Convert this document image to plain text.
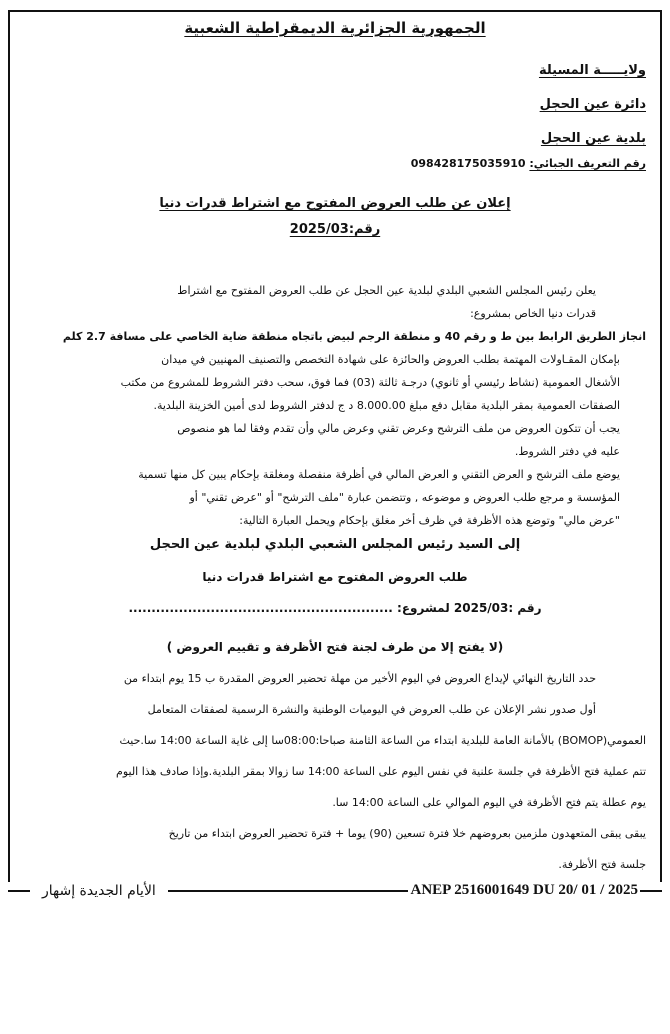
الجمهورية الجزائرية الديمقراطية الشعبية
ولايـــــة المسيلة
دائرة عين الحجل
بلدية عين الحجل
رقم التعريف الجبائي: 098428175035910
إعلان عن طلب العروض المفتوح مع اشتراط قدرات دنيا
رقم:2025/03
يعلن رئيس المجلس الشعبي البلدي لبلدية عين الحجل عن طلب العروض المفتوح مع اشتراط
قدرات دنيا الخاص بمشروع:
انجاز الطريق الرابط بين ط و رقم 40 و منطقة الرجم لبيض باتجاه منطقة ضاية الخاصي على مسافة 2.7 كلم
بإمكان المقـاولات المهتمة بطلب العروض والحائزة على شهادة التخصص والتصنيف المهنيين في ميدان
الأشغال العمومية (نشاط رئيسي أو ثانوي) درجـة ثالثة (03) فما فوق، سحب دفتر الشروط للمشروع من مكتب
الصفقات العمومية بمقر البلدية مقابل دفع مبلغ 8.000.00 د ج لدفتر الشروط لدى أمين الخزينة البلدية.
يجب أن تتكون العروض من ملف الترشح وعرض تقني وعرض مالي وأن تقدم وفقا لما هو منصوص
عليه في دفتر الشروط.
يوضع ملف الترشح و العرض التقني و العرض المالي في أظرفة منفصلة ومغلقة بإحكام يبين كل منها تسمية
المؤسسة و مرجع طلب العروض و موضوعه , وتتضمن عبارة "ملف الترشح" أو "عرض تقني" أو
"عرض مالي" وتوضع هذه الأظرفة في ظرف أخر مغلق بإحكام ويحمل العبارة التالية:
إلى السيد رئيس المجلس الشعبي البلدي لبلدية عين الحجل
طلب العروض المفتوح مع اشتراط قدرات دنيا
رقم :2025/03 لمشروع: ..........................................................
(لا يفتح إلا من طرف لجنة فتح الأظرفة و تقييم العروض )
حدد التاريخ النهائي لإيداع العروض في اليوم الأخير من مهلة تحضير العروض المقدرة ب 15 يوم ابتداء من
أول صدور نشر الإعلان عن طلب العروض في اليوميات الوطنية والنشرة الرسمية لصفقات المتعامل
العمومي(BOMOP) بالأمانة العامة للبلدية ابتداء من الساعة الثامنة صباحا:08:00سا إلى غاية الساعة 14:00 سا.حيث
تتم عملية فتح الأظرفة في جلسة علنية في نفس اليوم على الساعة 14:00 سا زوالا بمقر البلدية.وإذا صادف هذا اليوم
يوم عطلة يتم فتح الأظرفة في اليوم الموالي على الساعة 14:00 سا.
يبقى يبقى المتعهدون ملزمين بعروضهم خلا فترة تسعين (90) يوما + فترة تحضير العروض ابتداء من تاريخ
جلسة فتح الأظرفة.
الأيام الجديدة إشهار	ANEP 2516001649 DU 20/ 01 / 2025
